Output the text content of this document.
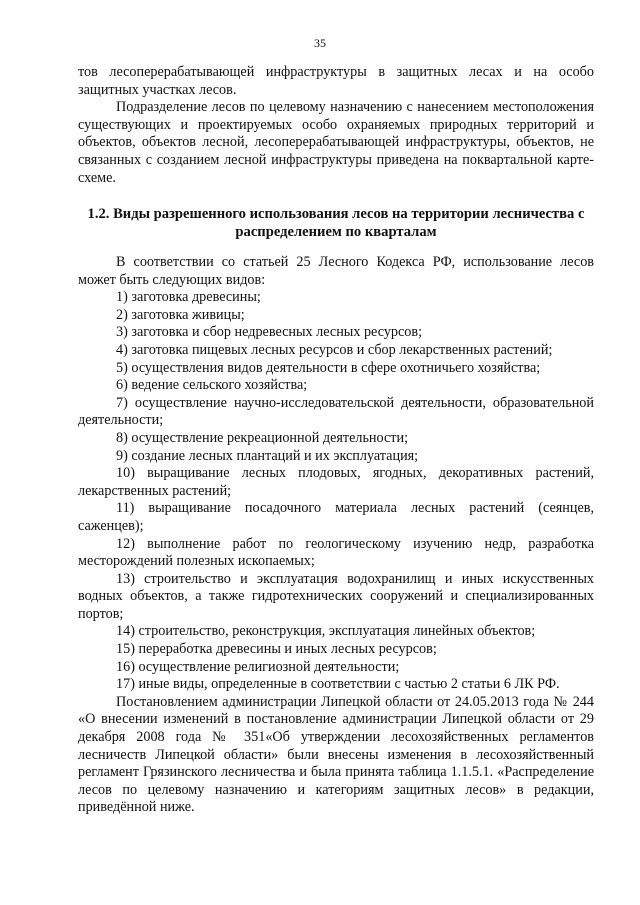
35

тов лесоперерабатывающей инфраструктуры в защитных лесах и на особо защитных участках лесов.

Подразделение лесов по целевому назначению с нанесением местоположения существующих и проектируемых особо охраняемых природных территорий и объектов, объектов лесной, лесоперерабатывающей инфраструктуры, объектов, не связанных с созданием лесной инфраструктуры приведена на поквартальной карте-схеме.

1.2. Виды разрешенного использования лесов на территории лесничества с распределением по кварталам

В соответствии со статьей 25 Лесного Кодекса РФ, использование лесов может быть следующих видов:

1) заготовка древесины;

2) заготовка живицы;

3) заготовка и сбор недревесных лесных ресурсов;

4) заготовка пищевых лесных ресурсов и сбор лекарственных растений;

5) осуществления видов деятельности в сфере охотничьего хозяйства;

6) ведение сельского хозяйства;

7) осуществление научно-исследовательской деятельности, образовательной деятельности;

8) осуществление рекреационной деятельности;

9) создание лесных плантаций и их эксплуатация;

10) выращивание лесных плодовых, ягодных, декоративных растений, лекарственных растений;

11) выращивание посадочного материала лесных растений (сеянцев, саженцев);

12) выполнение работ по геологическому изучению недр, разработка месторождений полезных ископаемых;

13) строительство и эксплуатация водохранилищ и иных искусственных водных объектов, а также гидротехнических сооружений и специализированных портов;

14) строительство, реконструкция, эксплуатация линейных объектов;

15) переработка древесины и иных лесных ресурсов;

16) осуществление религиозной деятельности;

17) иные виды, определенные в соответствии с частью 2 статьи 6 ЛК РФ.

Постановлением администрации Липецкой области от 24.05.2013 года № 244 «О внесении изменений в постановление администрации Липецкой области от 29 декабря 2008 года № 351«Об утверждении лесохозяйственных регламентов лесничеств Липецкой области» были внесены изменения в лесохозяйственный регламент Грязинского лесничества и была принята таблица 1.1.5.1. «Распределение лесов по целевому назначению и категориям защитных лесов» в редакции, приведённой ниже.
